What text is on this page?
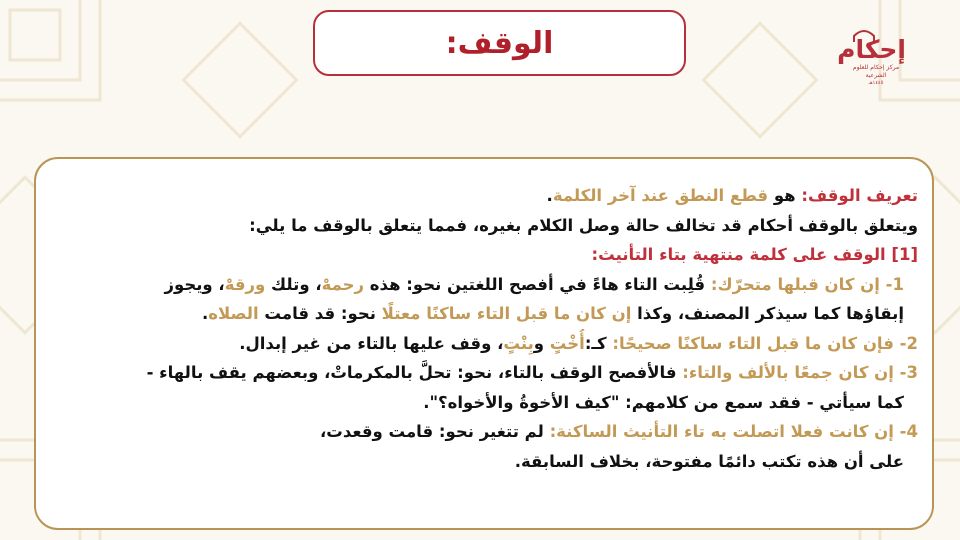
الوقف:	إحكام
مركز إحكام للعلوم الشرعية
١٤٤٥هـ
تعريف الوقف: هو قطع النطق عند آخر الكلمة.
ويتعلق بالوقف أحكام قد تخالف حالة وصل الكلام بغيره، فمما يتعلق بالوقف ما يلي:
[1] الوقف على كلمة منتهية بتاء التأنيث:
1- إن كان قبلها متحرّك: قُلِبت التاء هاءً في أفصح اللغتين نحو: هذه رحمهْ، وتلك ورقهْ، ويجوز
إبقاؤها كما سيذكر المصنف، وكذا إن كان ما قبل التاء ساكنًا معتلًا نحو: قد قامت الصلاه.
2- فإن كان ما قبل التاء ساكنًا صحيحًا: كـ:أُخْتٍ وبِنْتٍ، وقف عليها بالتاء من غير إبدال.
3- إن كان جمعًا بالألف والتاء: فالأفصح الوقف بالتاء، نحو: تحلَّ بالمكرماتْ، وبعضهم يقف بالهاء -
كما سيأتي - فقد سمع من كلامهم: "كيف الأخوةُ والأخواه؟".
4- إن كانت فعلا اتصلت به تاء التأنيث الساكنة: لم تتغير نحو: قامت وقعدت،
على أن هذه تكتب دائمًا مفتوحة، بخلاف السابقة.
